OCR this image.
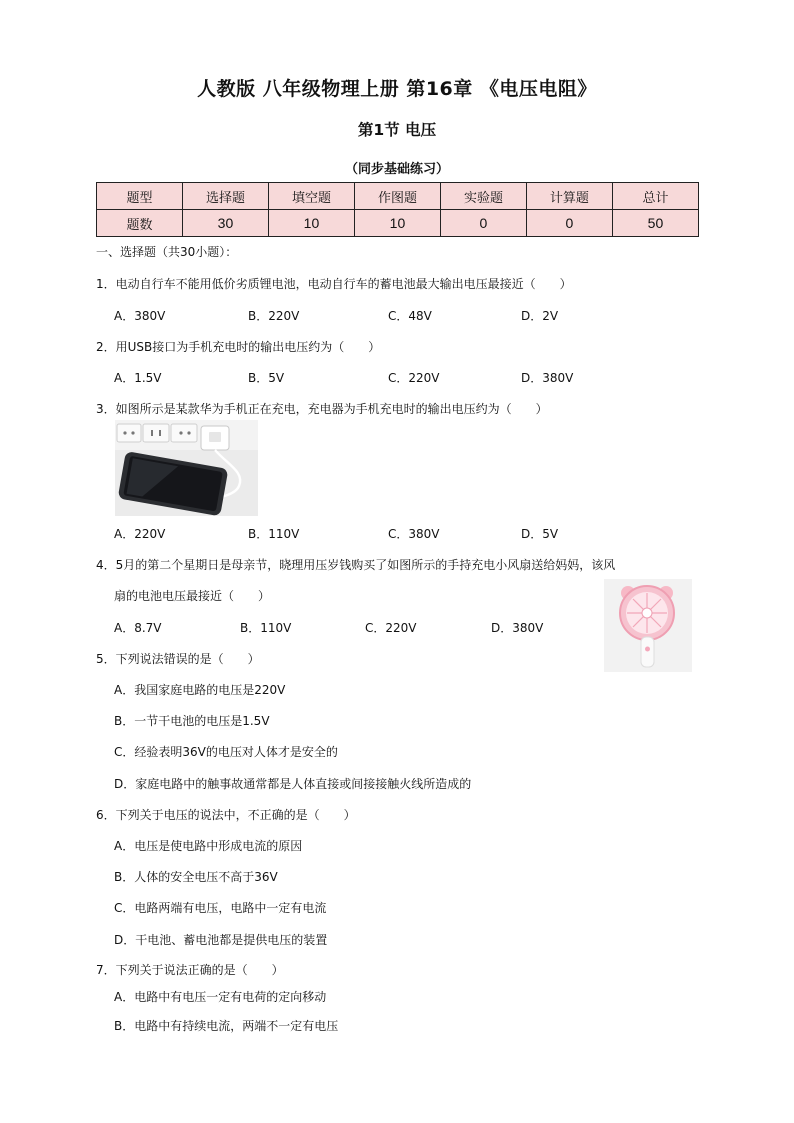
人教版 八年级物理上册 第16章 《电压电阻》
第1节 电压
（同步基础练习）
题型	选择题	填空题	作图题	实验题	计算题	总计
题数	30	10	10	0	0	50
一、选择题（共30小题）：
1．电动自行车不能用低价劣质锂电池，电动自行车的蓄电池最大输出电压最接近（　　）
A．380V	B．220V	C．48V	D．2V
2．用USB接口为手机充电时的输出电压约为（　　）
A．1.5V	B．5V	C．220V	D．380V
3．如图所示是某款华为手机正在充电，充电器为手机充电时的输出电压约为（　　）
A．220V	B．110V	C．380V	D．5V
4．5月的第二个星期日是母亲节，晓理用压岁钱购买了如图所示的手持充电小风扇送给妈妈，该风
扇的电池电压最接近（　　）
A．8.7V	B．110V	C．220V	D．380V
5．下列说法错误的是（　　）
A．我国家庭电路的电压是220V
B．一节干电池的电压是1.5V
C．经验表明36V的电压对人体才是安全的
D．家庭电路中的触事故通常都是人体直接或间接接触火线所造成的
6．下列关于电压的说法中，不正确的是（　　）
A．电压是使电路中形成电流的原因
B．人体的安全电压不高于36V
C．电路两端有电压，电路中一定有电流
D．干电池、蓄电池都是提供电压的装置
7．下列关于说法正确的是（　　）
A．电路中有电压一定有电荷的定向移动
B．电路中有持续电流，两端不一定有电压
